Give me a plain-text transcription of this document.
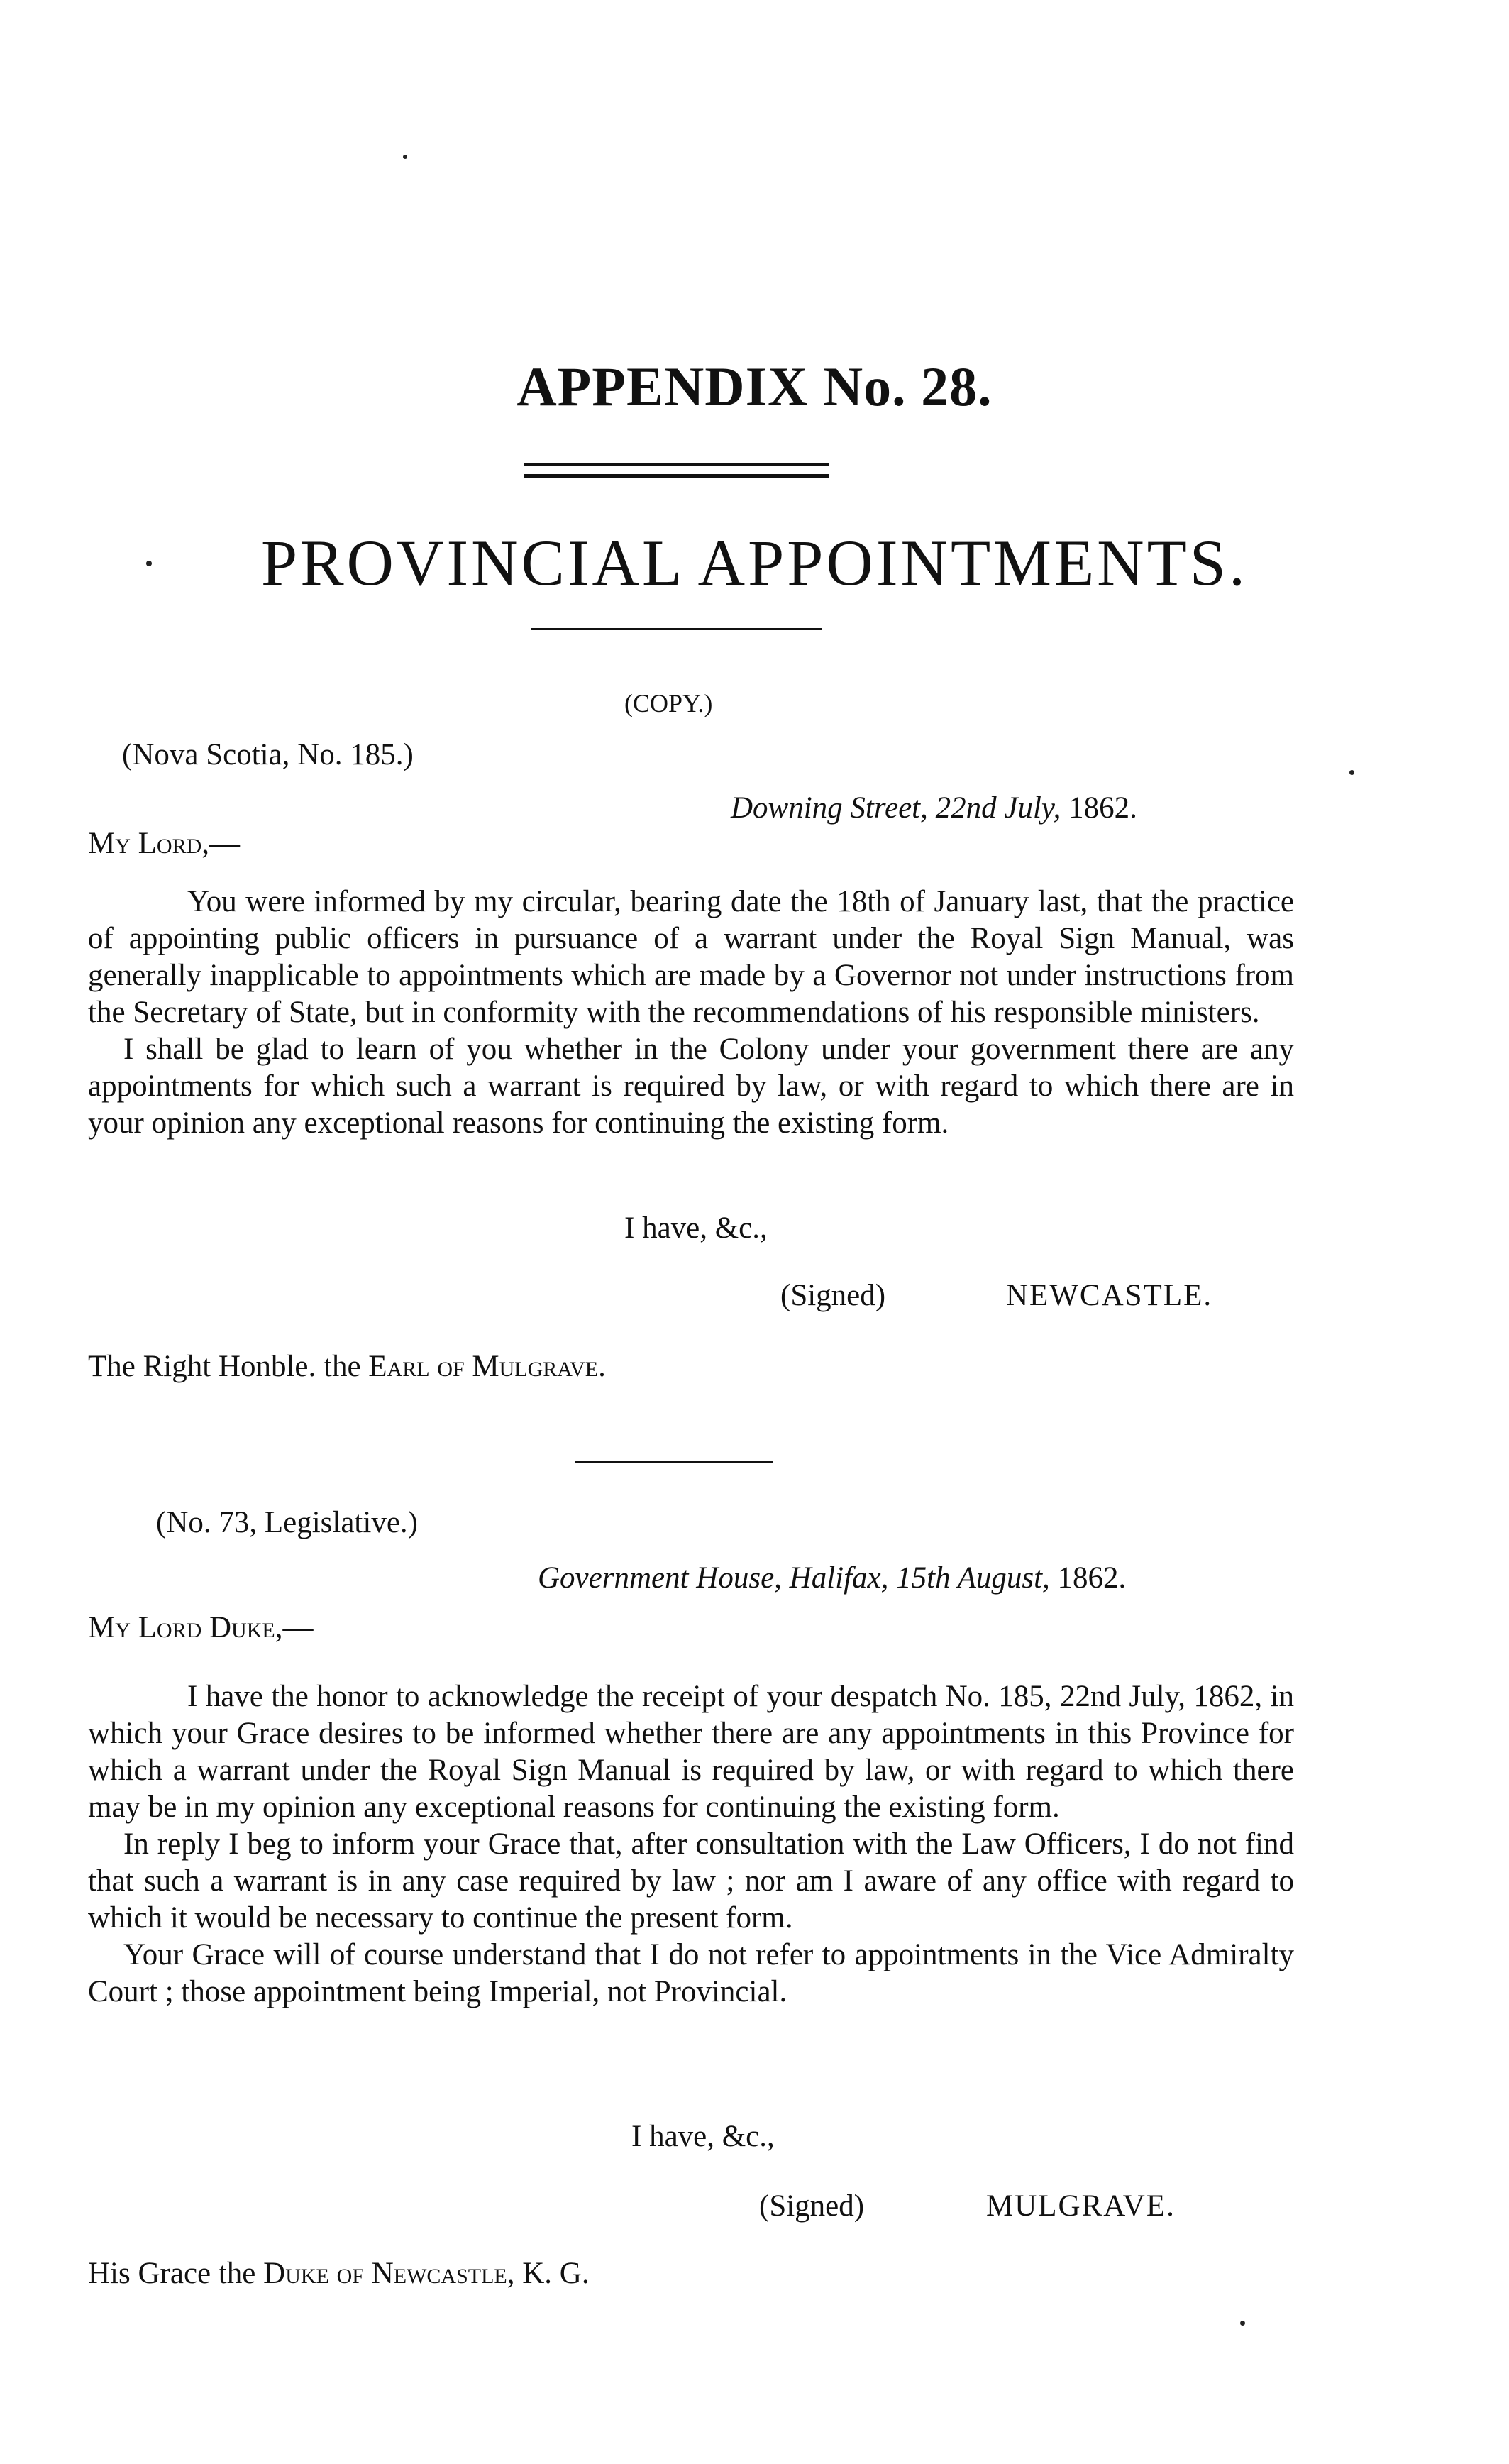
APPENDIX No. 28.
PROVINCIAL APPOINTMENTS.
(COPY.)
(Nova Scotia, No. 185.)
Downing Street, 22nd July, 1862.
My Lord,—

You were informed by my circular, bearing date the 18th of January last, that the practice of appointing public officers in pursuance of a warrant under the Royal Sign Manual, was generally inapplicable to appointments which are made by a Governor not under instructions from the Secretary of State, but in conformity with the recommendations of his responsible ministers.

I shall be glad to learn of you whether in the Colony under your government there are any appointments for which such a warrant is required by law, or with regard to which there are in your opinion any exceptional reasons for continuing the existing form.

I have, &c.,
(Signed)	NEWCASTLE.
The Right Honble. the Earl of Mulgrave.
(No. 73, Legislative.)
Government House, Halifax, 15th August, 1862.
My Lord Duke,—

I have the honor to acknowledge the receipt of your despatch No. 185, 22nd July, 1862, in which your Grace desires to be informed whether there are any appointments in this Province for which a warrant under the Royal Sign Manual is required by law, or with regard to which there may be in my opinion any exceptional reasons for continuing the existing form.

In reply I beg to inform your Grace that, after consultation with the Law Officers, I do not find that such a warrant is in any case required by law ; nor am I aware of any office with regard to which it would be necessary to continue the present form.

Your Grace will of course understand that I do not refer to appointments in the Vice Admiralty Court ; those appointment being Imperial, not Provincial.

I have, &c.,
(Signed)	MULGRAVE.
His Grace the Duke of Newcastle, K. G.
